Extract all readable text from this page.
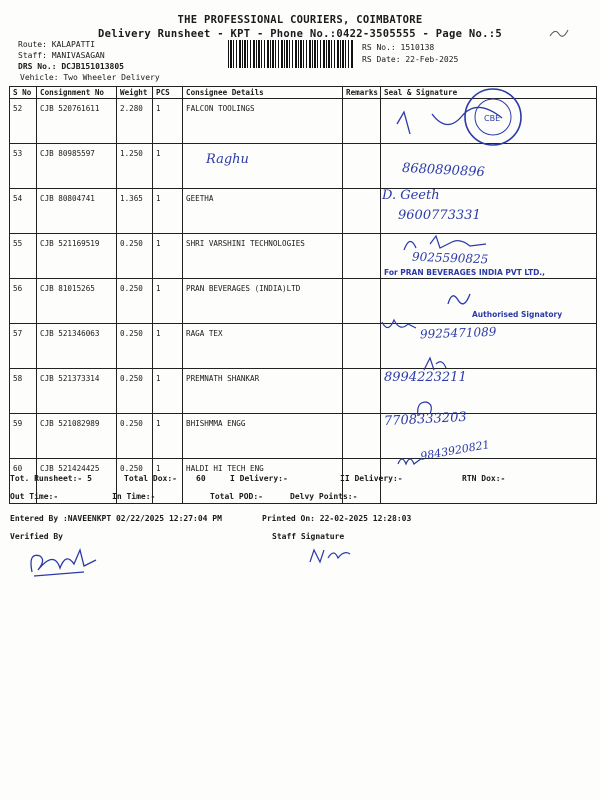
THE PROFESSIONAL COURIERS, COIMBATORE
Delivery Runsheet - KPT - Phone No.:0422-3505555 - Page No.:5
Route: KALAPATTI
Staff: MANIVASAGAN
DRS No.: DCJB151013805
Vehicle: Two Wheeler Delivery
RS No.: 1510138
RS Date: 22-Feb-2025
S No	Consignment No	Weight	PCS	Consignee Details	Remarks	Seal & Signature
52	CJB 520761611	2.280	1	FALCON TOOLINGS		
53	CJB 80985597	1.250	1			
54	CJB 80804741	1.365	1	GEETHA		
55	CJB 521169519	0.250	1	SHRI VARSHINI TECHNOLOGIES		
56	CJB 81015265	0.250	1	PRAN BEVERAGES (INDIA)LTD		
57	CJB 521346063	0.250	1	RAGA TEX		
58	CJB 521373314	0.250	1	PREMNATH SHANKAR		
59	CJB 521082989	0.250	1	BHISHMMA ENGG		
60	CJB 521424425	0.250	1	HALDI HI TECH ENG		
CBE
Raghu
8680890896
D. Geeth
9600773331
9025590825
For PRAN BEVERAGES INDIA PVT LTD.,
Authorised Signatory
9925471089
8994223211
7708333203
9843920821
Tot. Runsheet:- 5	Total Dox:- 60	I Delivery:-	II Delivery:-	RTN Dox:-
Out Time:-	In Time:-	Total POD:-	Delvy Points:-
Entered By :NAVEENKPT 02/22/2025 12:27:04 PM	Printed On: 22-02-2025 12:28:03
Verified By	Staff Signature
